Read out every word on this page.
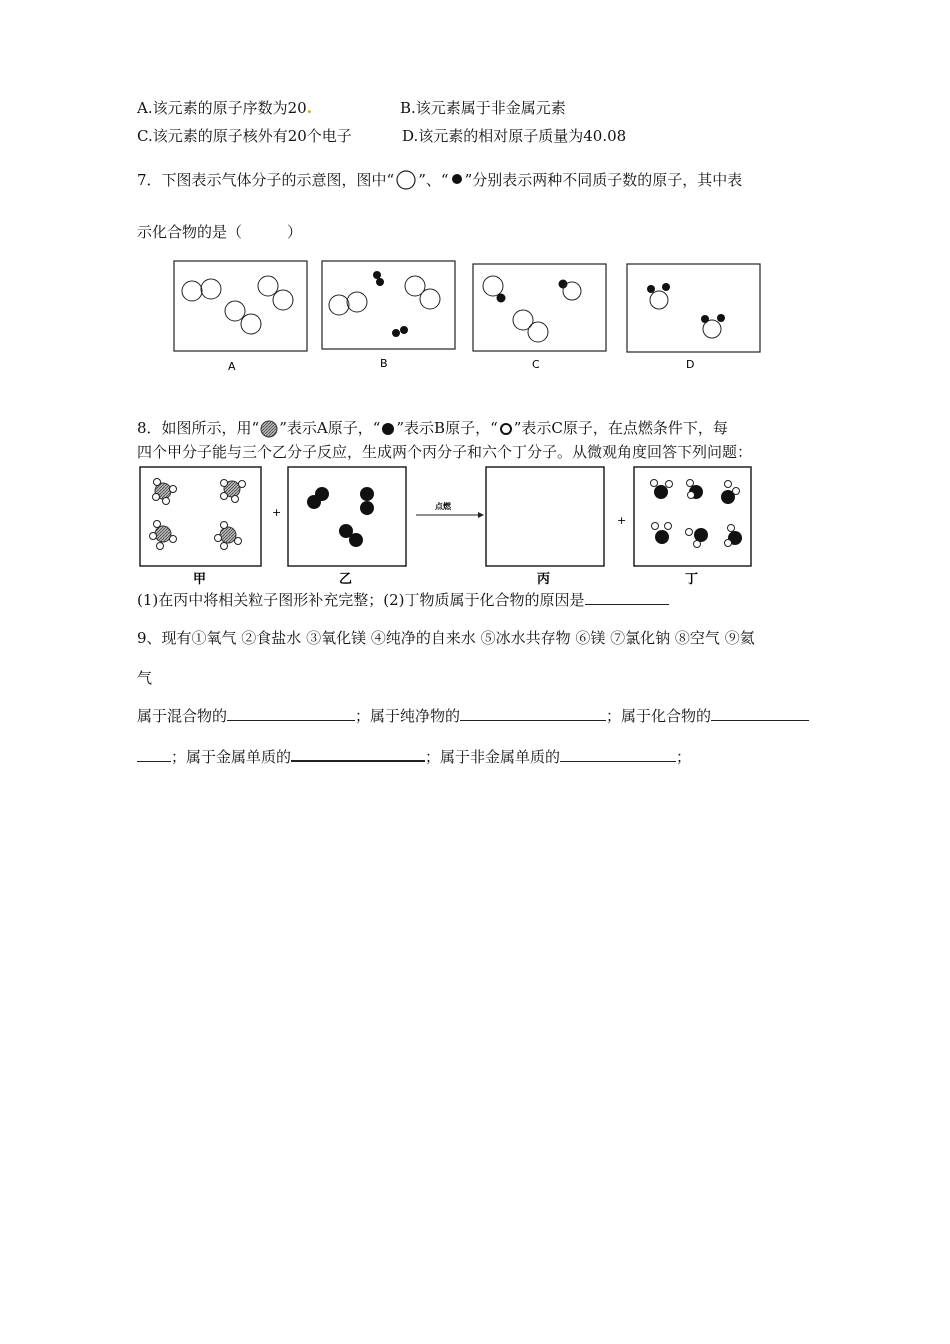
A.该元素的原子序数为20.	B.该元素属于非金属元素
C.该元素的原子核外有20个电子	D.该元素的相对原子质量为40.08
7．下图表示气体分子的示意图，图中“ ”、“ ”分别表示两种不同质子数的原子，其中表
示化合物的是（　　　）
A	B	C	D
8．如图所示，用“ ”表示A原子，“ ”表示B原子，“ ”表示C原子，在点燃条件下，每
四个甲分子能与三个乙分子反应，生成两个丙分子和六个丁分子。从微观角度回答下列问题：
甲
+
乙
点燃
丙
+
丁
(1)在丙中将相关粒子图形补充完整；(2)丁物质属于化合物的原因是
9、现有①氧气 ②食盐水 ③氧化镁 ④纯净的自来水 ⑤冰水共存物 ⑥镁 ⑦氯化钠 ⑧空气 ⑨氦
气
属于混合物的	；属于纯净物的	；属于化合物的
；属于金属单质的	；属于非金属单质的	；
